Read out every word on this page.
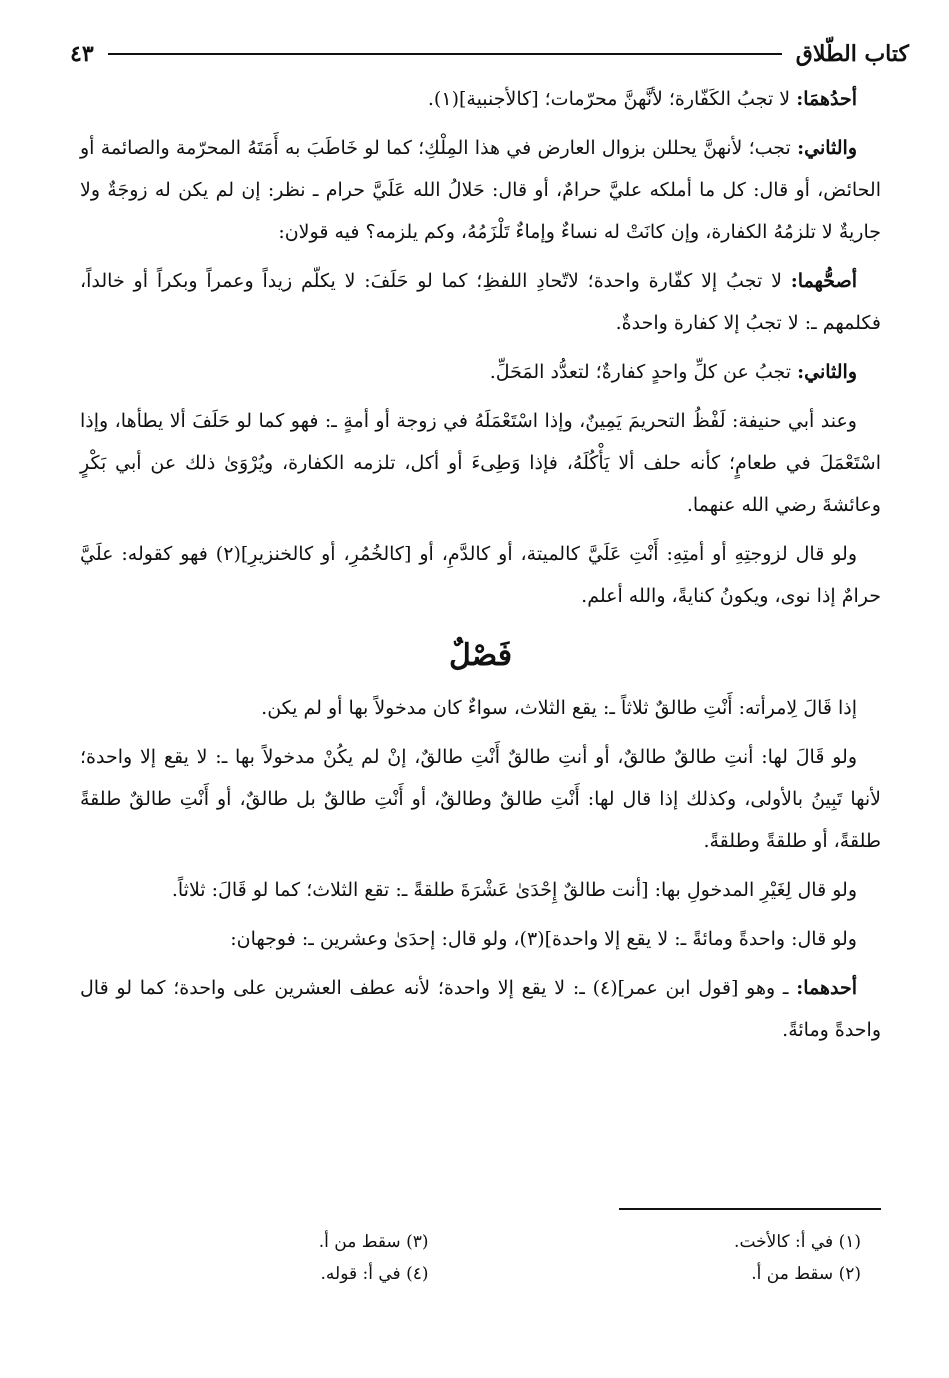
كتاب الطّلاق
٤٣

أحدُهمَا: لا تجبُ الكَفّارة؛ لأنَّهنَّ محرّمات؛ [كالأجنبية](١).

والثاني: تجب؛ لأنهنَّ يحللن بزوال العارض في هذا المِلْكِ؛ كما لو خَاطَبَ به أَمَتَهُ المحرّمة والصائمة أو الحائض، أو قال: كل ما أملكه عليَّ حرامٌ، أو قال: حَلالُ الله عَلَيَّ حرام ـ نظر: إن لم يكن له زوجَةٌ ولا جاريةٌ لا تلزمُهُ الكفارة، وإن كانَتْ له نساءٌ وإماءٌ تَلْزَمُهُ، وكم يلزمه؟ فيه قولان:

أصحُّهما: لا تجبُ إلا كفّارة واحدة؛ لاتّحادِ اللفظِ؛ كما لو حَلَفَ: لا يكلّم زيداً وعمراً وبكراً أو خالداً، فكلمهم ـ: لا تجبُ إلا كفارة واحدةٌ.

والثاني: تجبُ عن كلِّ واحدٍ كفارةٌ؛ لتعدُّد المَحَلِّ.

وعند أبي حنيفة: لَفْظُ التحريمَ يَمِينٌ، وإذا اسْتَعْمَلَهُ في زوجة أو أمةٍ ـ: فهو كما لو حَلَفَ ألا يطأها، وإذا اسْتَعْمَلَ في طعامٍ؛ كأنه حلف ألا يَأْكُلَهُ، فإذا وَطِىءَ أو أكل، تلزمه الكفارة، ويُرْوَىٰ ذلك عن أبي بَكْرٍ وعائشةَ رضي الله عنهما.

ولو قال لزوجتِهِ أو أمتِهِ: أَنْتِ عَلَيَّ كالميتة، أو كالدَّمِ، أو [كالخُمُرِ، أو كالخنزيرِ](٢) فهو كقوله: علَيَّ حرامٌ إذا نوى، ويكونُ كنايةً، والله أعلم.

فَصْلٌ

إذا قَالَ لِامرأته: أَنْتِ طالقٌ ثلاثاً ـ: يقع الثلاث، سواءٌ كان مدخولاً بها أو لم يكن.

ولو قَالَ لها: أنتِ طالقٌ طالقٌ، أو أنتِ طالقٌ أَنْتِ طالقٌ، إنْ لم يكُنْ مدخولاً بها ـ: لا يقع إلا واحدة؛ لأنها تَبِينُ بالأولى، وكذلك إذا قال لها: أَنْتِ طالقٌ وطالقٌ، أو أَنْتِ طالقٌ بل طالقٌ، أو أَنْتِ طالقٌ طلقةً طلقةً، أو طلقةً وطلقةً.

ولو قال لِغَيْرِ المدخولِ بها: [أنت طالقٌ إِحْدَىٰ عَشْرَةَ طلقةً ـ: تقع الثلاث؛ كما لو قَالَ: ثلاثاً.

ولو قال: واحدةً ومائةً ـ: لا يقع إلا واحدة](٣)، ولو قال: إحدَىٰ وعشرين ـ: فوجهان:

أحدهما: ـ وهو [قول ابن عمر](٤) ـ: لا يقع إلا واحدة؛ لأنه عطف العشرين على واحدة؛ كما لو قال واحدةً ومائةً.

(١) في أ: كالأخت.
(٢) سقط من أ.
(٣) سقط من أ.
(٤) في أ: قوله.
